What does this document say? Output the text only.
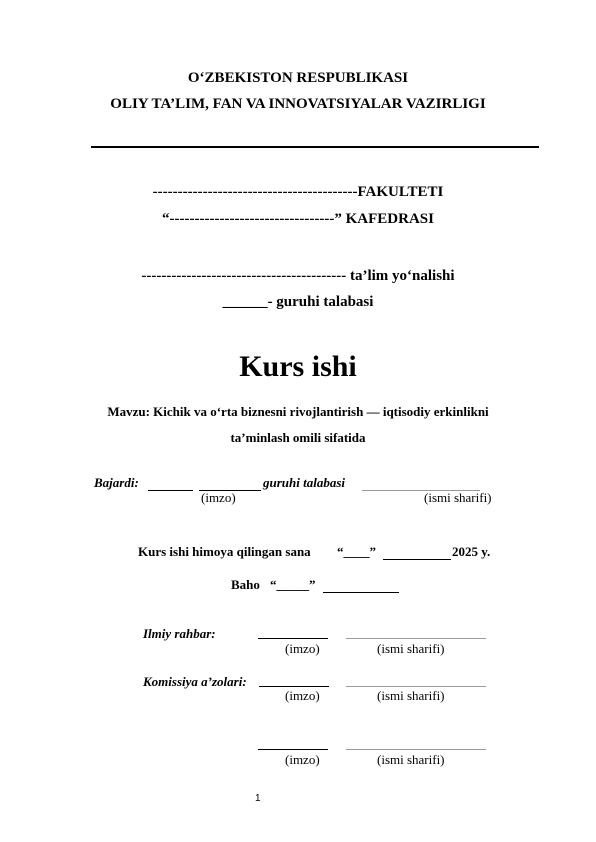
O‘ZBEKISTON RESPUBLIKASI
OLIY TA’LIM, FAN VA INNOVATSIYALAR VAZIRLIGI
-----------------------------------------FAKULTETI
“---------------------------------” KAFEDRASI
----------------------------------------- ta’lim yo‘nalishi
______- guruhi talabasi
Kurs ishi
Mavzu: Kichik va o‘rta biznesni rivojlantirish — iqtisodiy erkinlikni
ta’minlash omili sifatida
Bajardi:	guruhi talabasi
(imzo)	(ismi sharifi)
Kurs ishi himoya qilingan sana “____”	2025 y.
Baho “_____”
Ilmiy rahbar:
(imzo)	(ismi sharifi)
Komissiya a’zolari:
(imzo)	(ismi sharifi)
(imzo)	(ismi sharifi)
1
